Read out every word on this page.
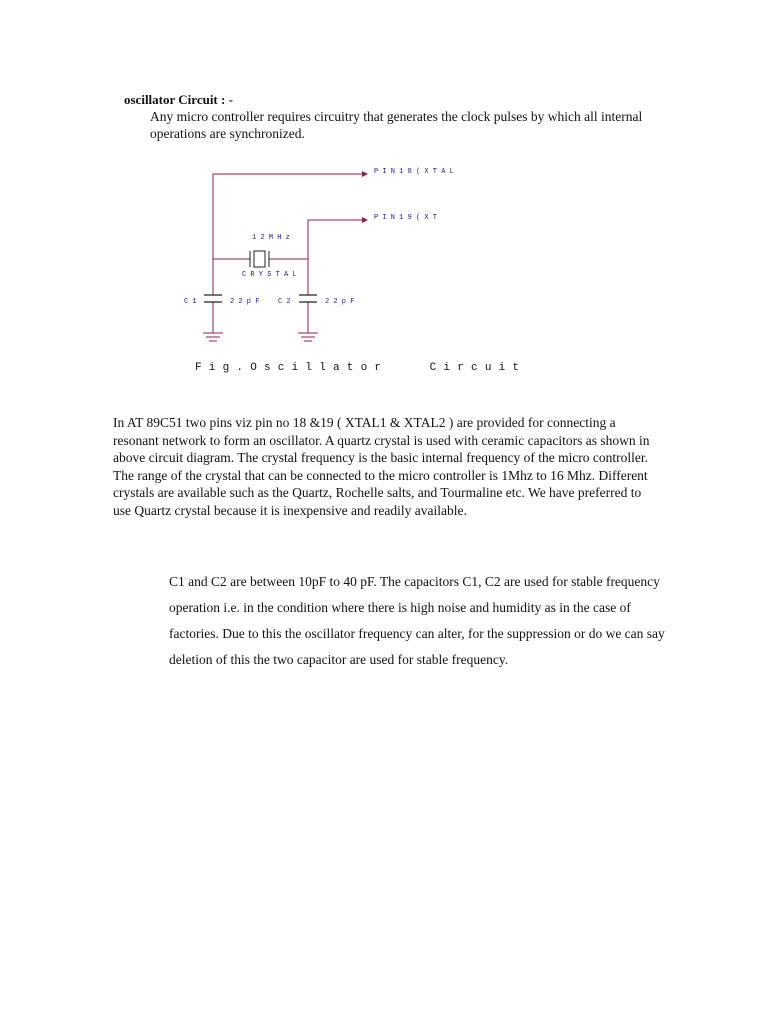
oscillator Circuit : -
Any micro controller requires circuitry that generates the clock pulses by which all internal operations are synchronized.
P I N 1 8 ( X T A L
P I N 1 9 ( X T
1 2 M H z
C R Y S T A L
C 1	2 2 p F	C 2	2 2 p F
Fig.Oscillator   Circuit
In AT 89C51 two pins viz pin no 18 &19 ( XTAL1 & XTAL2 ) are provided for connecting a resonant network to form an oscillator. A quartz crystal is used with ceramic capacitors as shown in above circuit diagram. The crystal frequency is the basic internal frequency of the micro controller. The range of the crystal that can be connected to the micro controller is 1Mhz to 16 Mhz. Different crystals are available such as the Quartz, Rochelle salts, and Tourmaline etc. We have preferred to use Quartz crystal because it is inexpensive and readily available.
C1 and C2 are between 10pF to 40 pF. The capacitors C1, C2 are used for stable frequency operation i.e. in the condition where there is high noise and humidity as in the case of factories. Due to this the oscillator frequency can alter, for the suppression or do we can say deletion of this the two capacitor are used for stable frequency.
